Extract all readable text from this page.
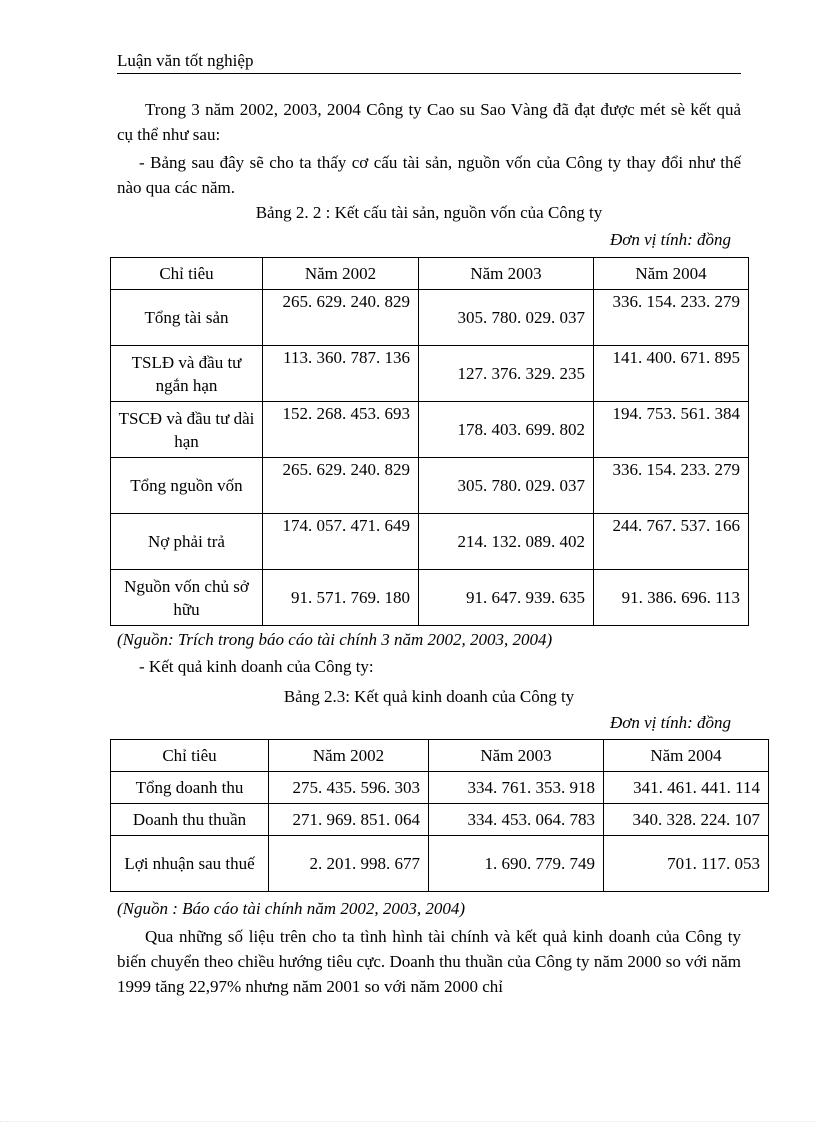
Luận văn tốt nghiệp

Trong 3 năm 2002, 2003, 2004 Công ty Cao su Sao Vàng đã đạt được mét sè kết quả cụ thể như sau:

- Bảng sau đây sẽ cho ta thấy cơ cấu tài sản, nguồn vốn của Công ty thay đổi như thế nào qua các năm.

Bảng 2. 2 : Kết cấu tài sản, nguồn vốn của Công ty

Đơn vị tính: đồng

Chỉ tiêu	Năm 2002	Năm 2003	Năm 2004
Tổng tài sản	265. 629. 240. 829	305. 780. 029. 037	336. 154. 233. 279
TSLĐ và đầu tư ngắn hạn	113. 360. 787. 136	127. 376. 329. 235	141. 400. 671. 895
TSCĐ và đầu tư dài hạn	152. 268. 453. 693	178. 403. 699. 802	194. 753. 561. 384
Tổng nguồn vốn	265. 629. 240. 829	305. 780. 029. 037	336. 154. 233. 279
Nợ phải trả	174. 057. 471. 649	214. 132. 089. 402	244. 767. 537. 166
Nguồn vốn chủ sở hữu	91. 571. 769. 180	91. 647. 939. 635	91. 386. 696. 113

(Nguồn: Trích trong báo cáo tài chính 3 năm 2002, 2003, 2004)

- Kết quả kinh doanh của Công ty:

Bảng 2.3: Kết quả kinh doanh của Công ty

Đơn vị tính: đồng

Chỉ tiêu	Năm 2002	Năm 2003	Năm 2004
Tổng doanh thu	275. 435. 596. 303	334. 761. 353. 918	341. 461. 441. 114
Doanh thu thuần	271. 969. 851. 064	334. 453. 064. 783	340. 328. 224. 107
Lợi nhuận sau thuế	2. 201. 998. 677	1. 690. 779. 749	701. 117. 053

(Nguồn : Báo cáo tài chính năm 2002, 2003, 2004)

Qua những số liệu trên cho ta tình hình tài chính và kết quả kinh doanh của Công ty biến chuyển theo chiều hướng tiêu cực. Doanh thu thuần của Công ty năm 2000 so với năm 1999 tăng 22,97% nhưng năm 2001 so với năm 2000 chỉ
